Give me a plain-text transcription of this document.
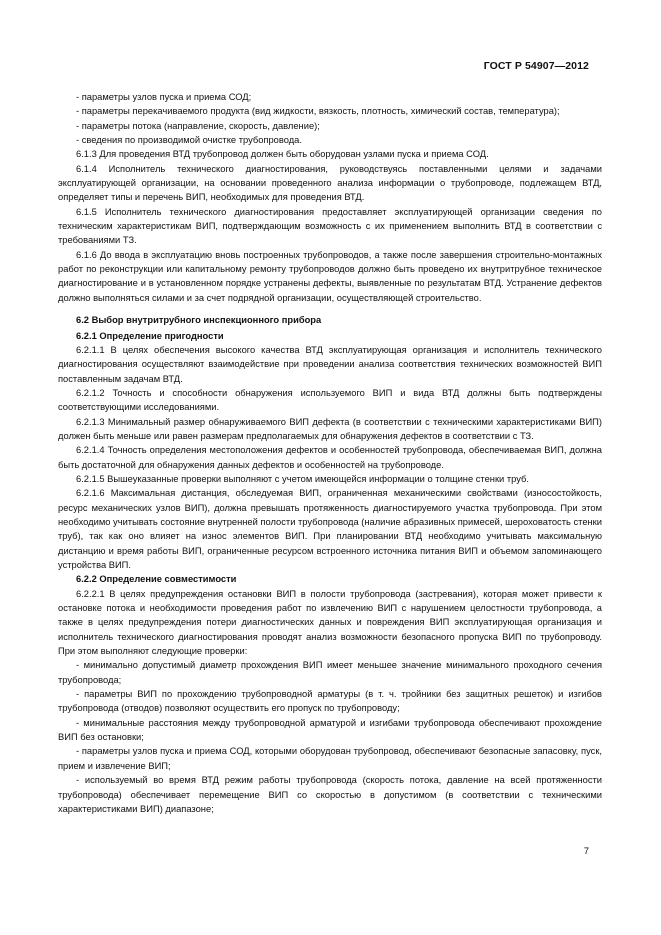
ГОСТ Р 54907—2012

- параметры узлов пуска и приема СОД;

- параметры перекачиваемого продукта (вид жидкости, вязкость, плотность, химический состав, температура);

- параметры потока (направление, скорость, давление);

- сведения по производимой очистке трубопровода.

6.1.3 Для проведения ВТД трубопровод должен быть оборудован узлами пуска и приема СОД.

6.1.4 Исполнитель технического диагностирования, руководствуясь поставленными целями и задачами эксплуатирующей организации, на основании проведенного анализа информации о трубопроводе, подлежащем ВТД, определяет типы и перечень ВИП, необходимых для проведения ВТД.

6.1.5 Исполнитель технического диагностирования предоставляет эксплуатирующей организации сведения по техническим характеристикам ВИП, подтверждающим возможность с их применением выполнить ВТД в соответствии с требованиями ТЗ.

6.1.6 До ввода в эксплуатацию вновь построенных трубопроводов, а также после завершения строительно-монтажных работ по реконструкции или капитальному ремонту трубопроводов должно быть проведено их внутритрубное техническое диагностирование и в установленном порядке устранены дефекты, выявленные по результатам ВТД. Устранение дефектов должно выполняться силами и за счет подрядной организации, осуществляющей строительство.

6.2 Выбор внутритрубного инспекционного прибора

6.2.1 Определение пригодности

6.2.1.1 В целях обеспечения высокого качества ВТД эксплуатирующая организация и исполнитель технического диагностирования осуществляют взаимодействие при проведении анализа соответствия технических возможностей ВИП поставленным задачам ВТД.

6.2.1.2 Точность и способности обнаружения используемого ВИП и вида ВТД должны быть подтверждены соответствующими исследованиями.

6.2.1.3 Минимальный размер обнаруживаемого ВИП дефекта (в соответствии с техническими характеристиками ВИП) должен быть меньше или равен размерам предполагаемых для обнаружения дефектов в соответствии с ТЗ.

6.2.1.4 Точность определения местоположения дефектов и особенностей трубопровода, обеспечиваемая ВИП, должна быть достаточной для обнаружения данных дефектов и особенностей на трубопроводе.

6.2.1.5 Вышеуказанные проверки выполняют с учетом имеющейся информации о толщине стенки труб.

6.2.1.6 Максимальная дистанция, обследуемая ВИП, ограниченная механическими свойствами (износостойкость, ресурс механических узлов ВИП), должна превышать протяженность диагностируемого участка трубопровода. При этом необходимо учитывать состояние внутренней полости трубопровода (наличие абразивных примесей, шероховатость стенки труб), так как оно влияет на износ элементов ВИП. При планировании ВТД необходимо учитывать максимальную дистанцию и время работы ВИП, ограниченные ресурсом встроенного источника питания ВИП и объемом запоминающего устройства ВИП.

6.2.2 Определение совместимости

6.2.2.1 В целях предупреждения остановки ВИП в полости трубопровода (застревания), которая может привести к остановке потока и необходимости проведения работ по извлечению ВИП с нарушением целостности трубопровода, а также в целях предупреждения потери диагностических данных и повреждения ВИП эксплуатирующая организация и исполнитель технического диагностирования проводят анализ возможности безопасного пропуска ВИП по трубопроводу. При этом выполняют следующие проверки:

- минимально допустимый диаметр прохождения ВИП имеет меньшее значение минимального проходного сечения трубопровода;

- параметры ВИП по прохождению трубопроводной арматуры (в т. ч. тройники без защитных решеток) и изгибов трубопровода (отводов) позволяют осуществить его пропуск по трубопроводу;

- минимальные расстояния между трубопроводной арматурой и изгибами трубопровода обеспечивают прохождение ВИП без остановки;

- параметры узлов пуска и приема СОД, которыми оборудован трубопровод, обеспечивают безопасные запасовку, пуск, прием и извлечение ВИП;

- используемый во время ВТД режим работы трубопровода (скорость потока, давление на всей протяженности трубопровода) обеспечивает перемещение ВИП со скоростью в допустимом (в соответствии с техническими характеристиками ВИП) диапазоне;

7
